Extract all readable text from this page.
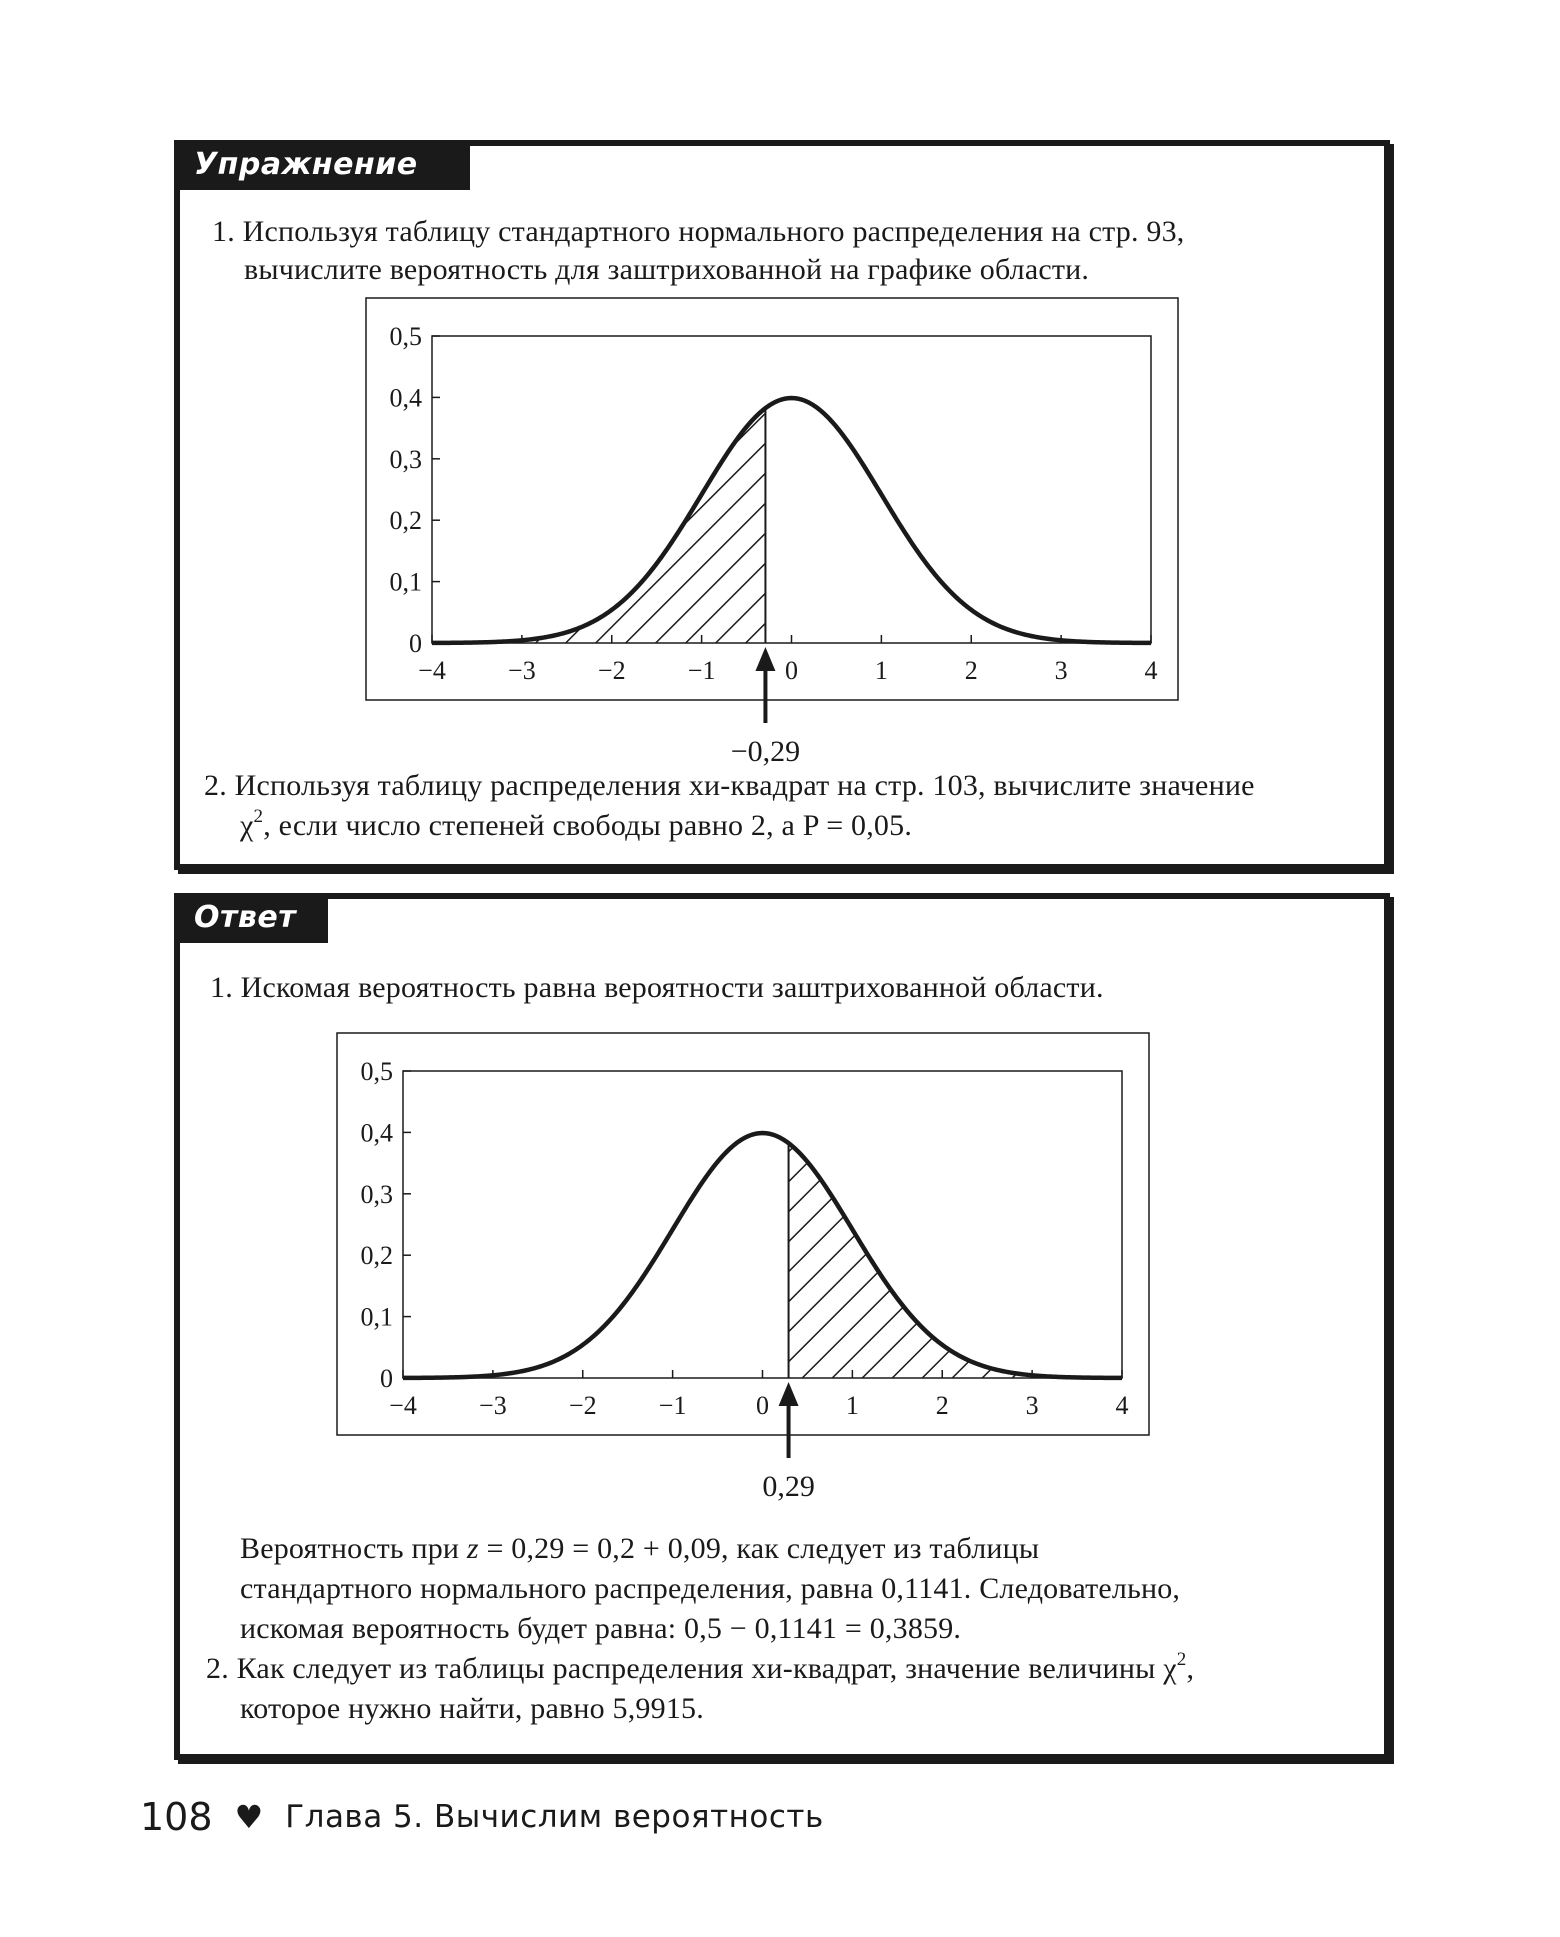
Упражнение
1. Используя таблицу стандартного нормального распределения на стр. 93,
вычислите вероятность для заштрихованной на графике области.
2. Используя таблицу распределения хи-квадрат на стр. 103, вычислите значение
$\chi^2$, если число степеней свободы равно 2, а P = 0,05.
0
0,1
0,2
0,3
0,4
0,5
−4 −3 −2 −1	0	1	2	3	4
−0,29
Ответ
1. Искомая вероятность равна вероятности заштрихованной области.
Вероятность при z = 0,29 = 0,2 + 0,09, как следует из таблицы
стандартного нормального распределения, равна 0,1141. Следовательно,
искомая вероятность будет равна: 0,5 − 0,1141 = 0,3859.
2. Как следует из таблицы распределения хи-квадрат, значение величины $\chi^2$,
которое нужно найти, равно 5,9915.
0
0,1
0,2
0,3
0,4
0,5
−4 −3 −2 −1	0	1	2	3	4
0,29
108 ♥ Глава 5. Вычислим вероятность
